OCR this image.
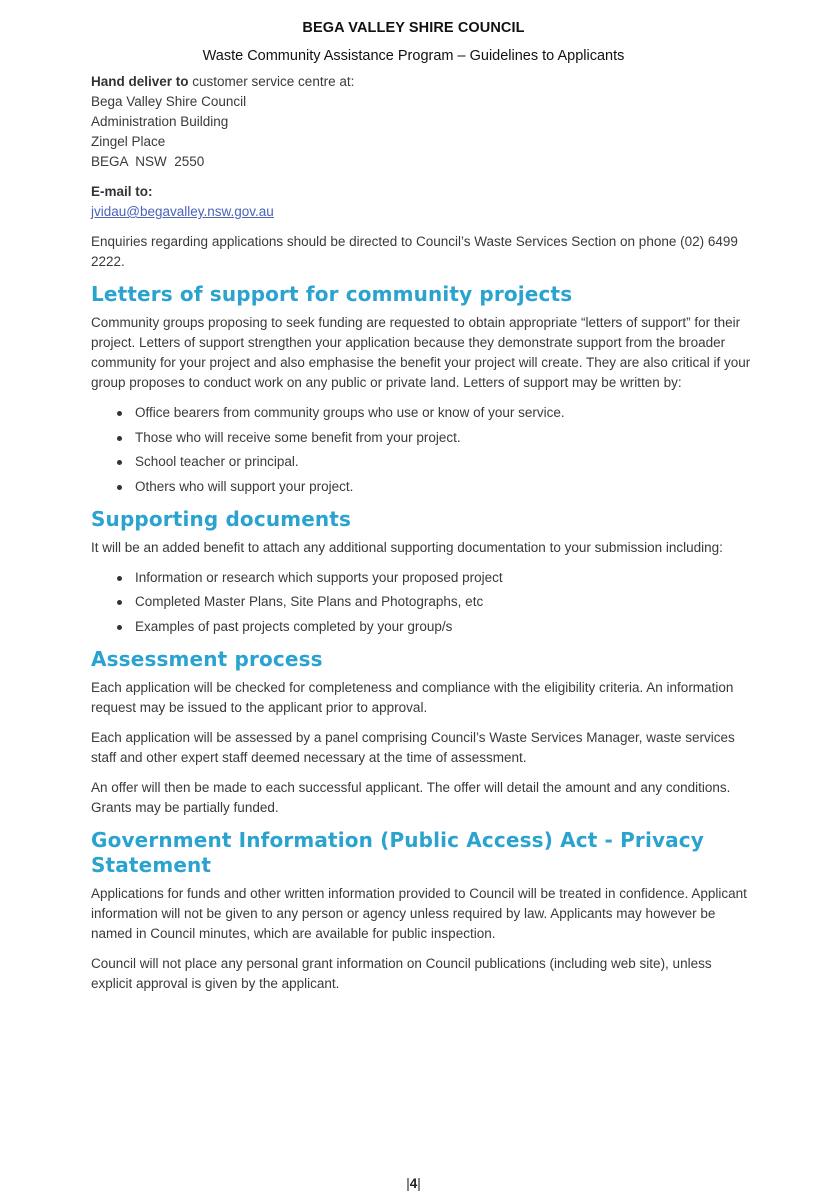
BEGA VALLEY SHIRE COUNCIL
Waste Community Assistance Program – Guidelines to Applicants
Hand deliver to customer service centre at:
Bega Valley Shire Council
Administration Building
Zingel Place
BEGA  NSW  2550
E-mail to:
jvidau@begavalley.nsw.gov.au

Enquiries regarding applications should be directed to Council’s Waste Services Section on phone (02) 6499 2222.

Letters of support for community projects

Community groups proposing to seek funding are requested to obtain appropriate “letters of support” for their project. Letters of support strengthen your application because they demonstrate support from the broader community for your project and also emphasise the benefit your project will create. They are also critical if your group proposes to conduct work on any public or private land. Letters of support may be written by:

Office bearers from community groups who use or know of your service.
Those who will receive some benefit from your project.
School teacher or principal.
Others who will support your project.
Supporting documents

It will be an added benefit to attach any additional supporting documentation to your submission including:

Information or research which supports your proposed project
Completed Master Plans, Site Plans and Photographs, etc
Examples of past projects completed by your group/s
Assessment process

Each application will be checked for completeness and compliance with the eligibility criteria. An information request may be issued to the applicant prior to approval.

Each application will be assessed by a panel comprising Council’s Waste Services Manager, waste services staff and other expert staff deemed necessary at the time of assessment.

An offer will then be made to each successful applicant. The offer will detail the amount and any conditions. Grants may be partially funded.

Government Information (Public Access) Act - Privacy Statement

Applications for funds and other written information provided to Council will be treated in confidence. Applicant information will not be given to any person or agency unless required by law. Applicants may however be named in Council minutes, which are available for public inspection.

Council will not place any personal grant information on Council publications (including web site), unless explicit approval is given by the applicant.

|4|
